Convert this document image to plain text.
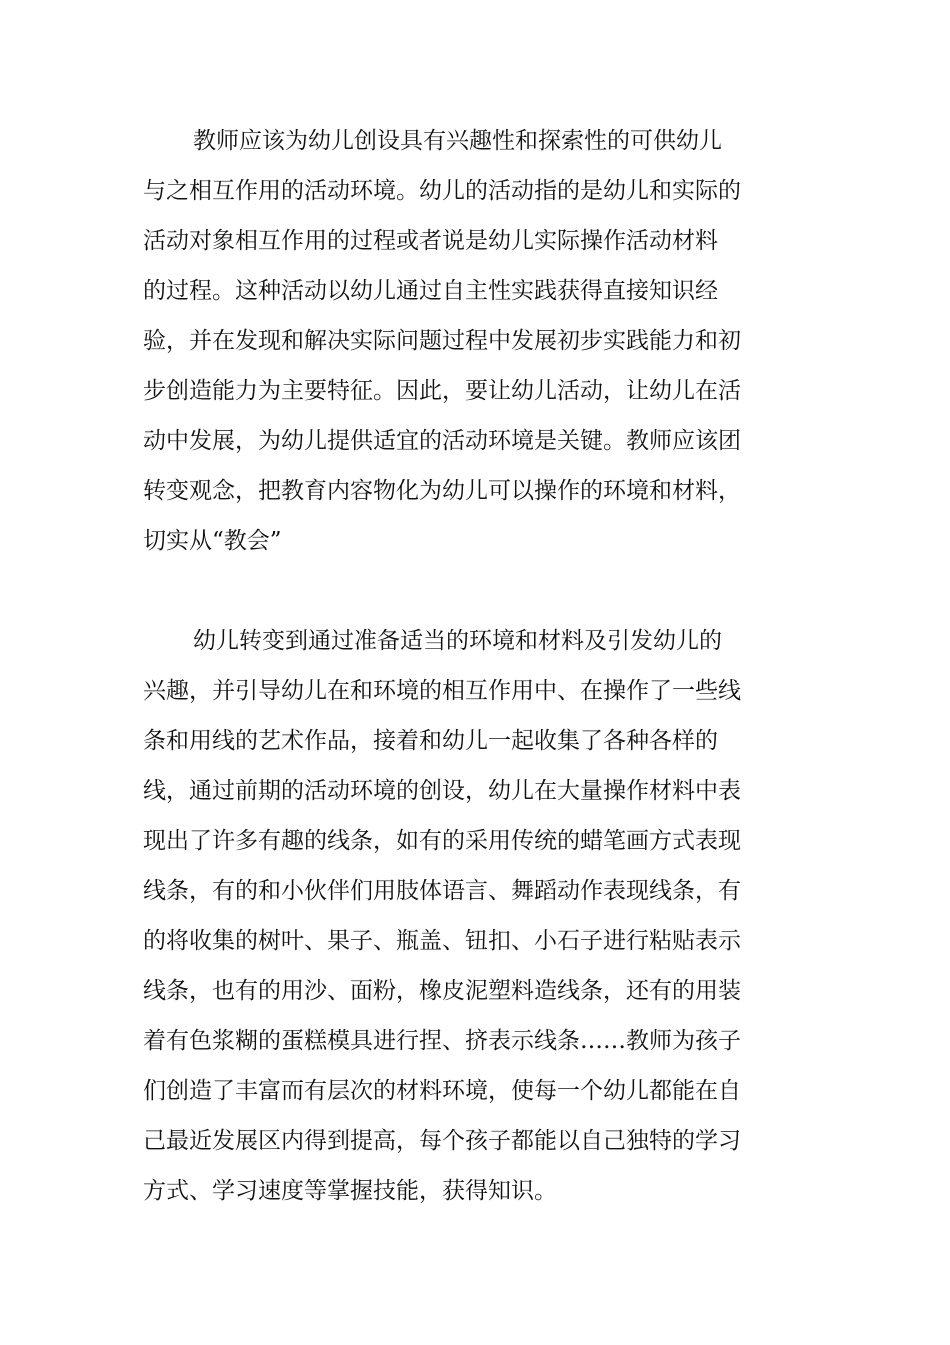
教师应该为幼儿创设具有兴趣性和探索性的可供幼儿
与之相互作用的活动环境。幼儿的活动指的是幼儿和实际的
活动对象相互作用的过程或者说是幼儿实际操作活动材料
的过程。这种活动以幼儿通过自主性实践获得直接知识经
验，并在发现和解决实际问题过程中发展初步实践能力和初
步创造能力为主要特征。因此，要让幼儿活动，让幼儿在活
动中发展，为幼儿提供适宜的活动环境是关键。教师应该团
转变观念，把教育内容物化为幼儿可以操作的环境和材料，
切实从“教会”
幼儿转变到通过准备适当的环境和材料及引发幼儿的
兴趣，并引导幼儿在和环境的相互作用中、在操作了一些线
条和用线的艺术作品，接着和幼儿一起收集了各种各样的
线，通过前期的活动环境的创设，幼儿在大量操作材料中表
现出了许多有趣的线条，如有的采用传统的蜡笔画方式表现
线条，有的和小伙伴们用肢体语言、舞蹈动作表现线条，有
的将收集的树叶、果子、瓶盖、钮扣、小石子进行粘贴表示
线条，也有的用沙、面粉，橡皮泥塑料造线条，还有的用装
着有色浆糊的蛋糕模具进行捏、挤表示线条……教师为孩子
们创造了丰富而有层次的材料环境，使每一个幼儿都能在自
己最近发展区内得到提高，每个孩子都能以自己独特的学习
方式、学习速度等掌握技能，获得知识。
